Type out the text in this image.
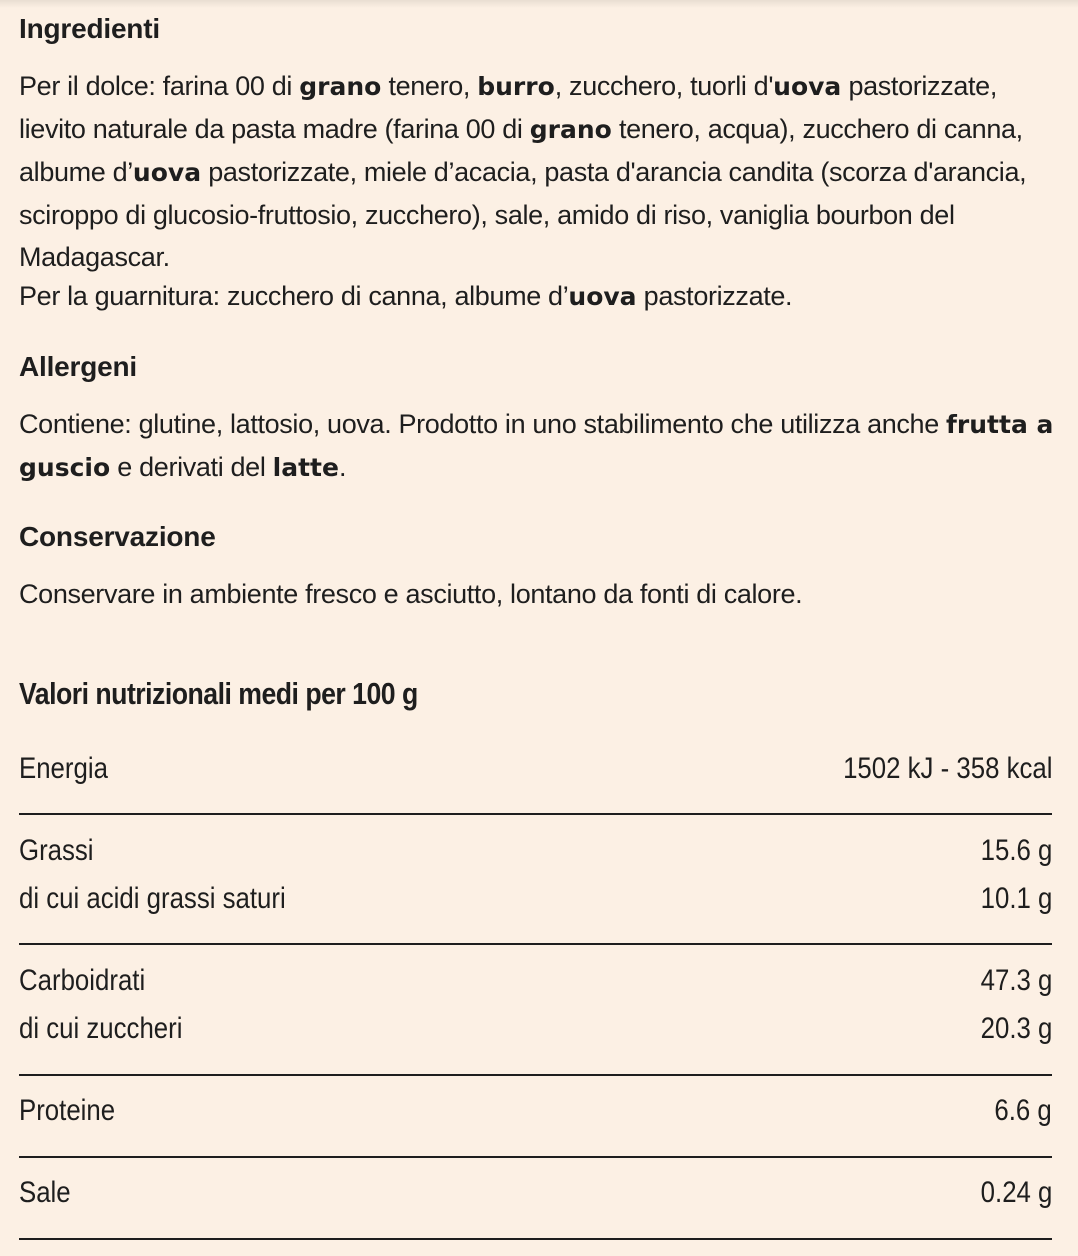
Ingredienti

Per il dolce: farina 00 di grano tenero, burro, zucchero, tuorli d'uova pastorizzate, lievito naturale da pasta madre (farina 00 di grano tenero, acqua), zucchero di canna, albume d’uova pastorizzate, miele d’acacia, pasta d'arancia candita (scorza d'arancia, sciroppo di glucosio-fruttosio, zucchero), sale, amido di riso, vaniglia bourbon del Madagascar.

Per la guarnitura: zucchero di canna, albume d’uova pastorizzate.

Allergeni

Contiene: glutine, lattosio, uova. Prodotto in uno stabilimento che utilizza anche frutta a guscio e derivati del latte.

Conservazione

Conservare in ambiente fresco e asciutto, lontano da fonti di calore.

Valori nutrizionali medi per 100 g
Energia	1502 kJ - 358 kcal
Grassi	15.6 g
di cui acidi grassi saturi	10.1 g
Carboidrati	47.3 g
di cui zuccheri	20.3 g
Proteine	6.6 g
Sale	0.24 g
